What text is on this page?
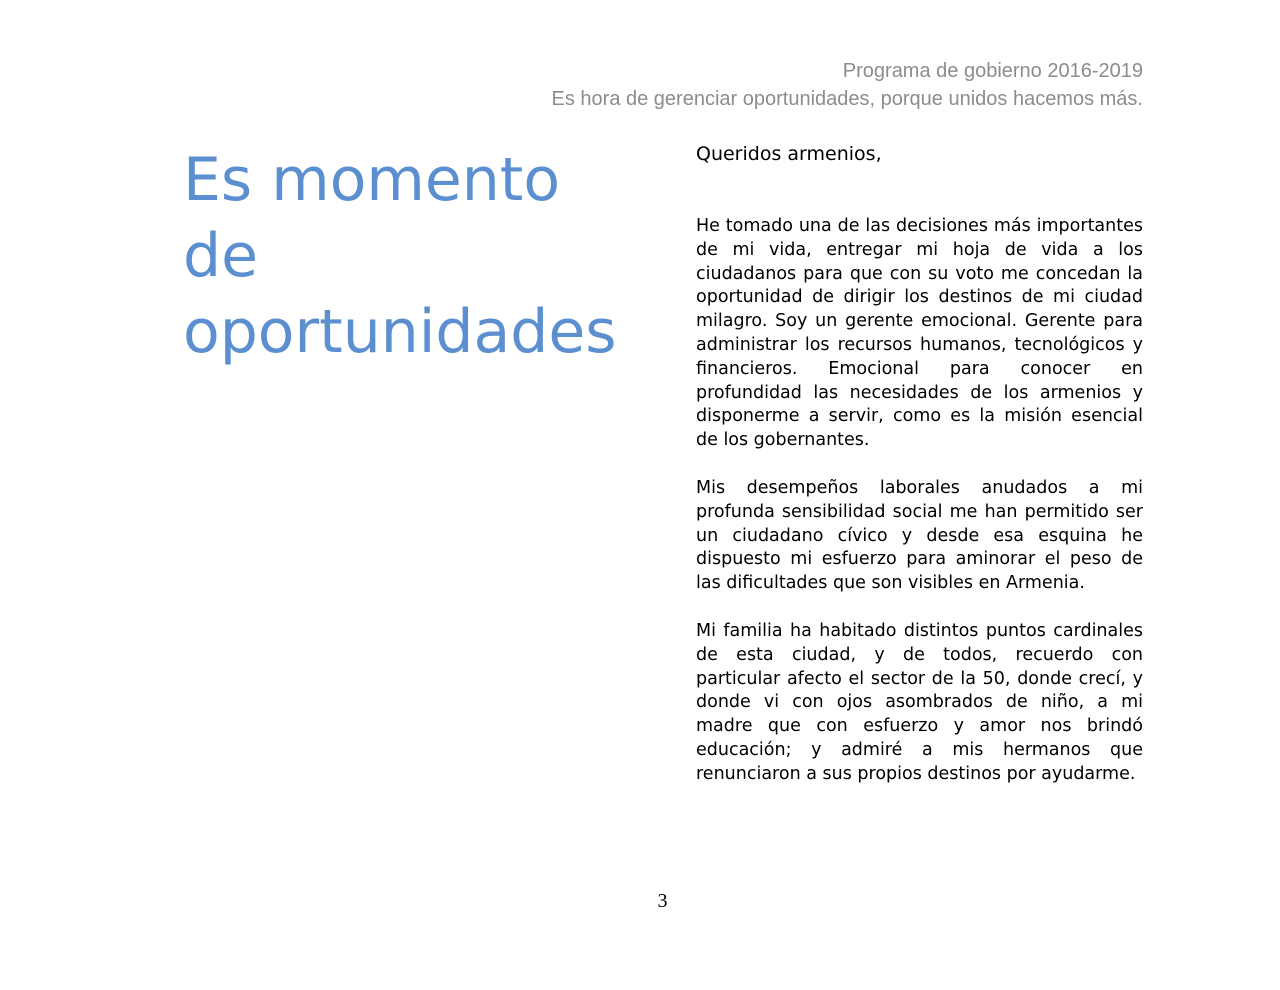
Programa de gobierno 2016-2019
Es hora de gerenciar oportunidades, porque unidos hacemos más.
Es momento
de
oportunidades

Queridos armenios,

He tomado una de las decisiones más importantes de mi vida, entregar mi hoja de vida a los ciudadanos para que con su voto me concedan la oportunidad de dirigir los destinos de mi ciudad milagro. Soy un gerente emocional. Gerente para administrar los recursos humanos, tecnológicos y financieros. Emocional para conocer en profundidad las necesidades de los armenios y disponerme a servir, como es la misión esencial de los gobernantes.

Mis desempeños laborales anudados a mi profunda sensibilidad social me han permitido ser un ciudadano cívico y desde esa esquina he dispuesto mi esfuerzo para aminorar el peso de las dificultades que son visibles en Armenia.

Mi familia ha habitado distintos puntos cardinales de esta ciudad, y de todos, recuerdo con particular afecto el sector de la 50, donde crecí, y donde vi con ojos asombrados de niño, a mi madre que con esfuerzo y amor nos brindó educación; y admiré a mis hermanos que renunciaron a sus propios destinos por ayudarme.

3
